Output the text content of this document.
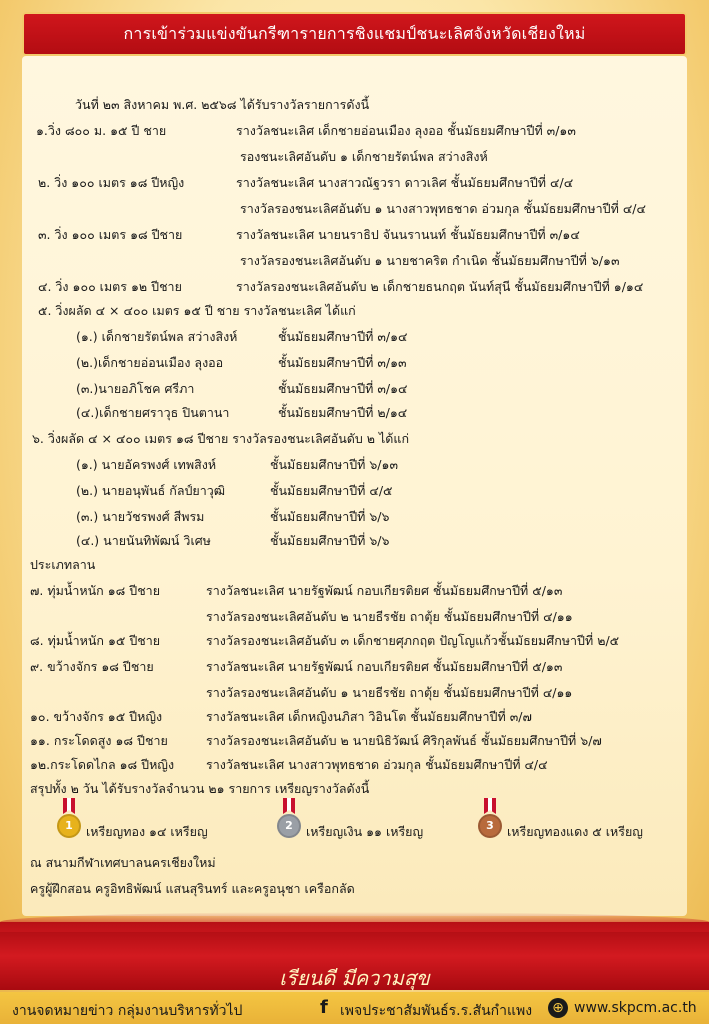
การเข้าร่วมแข่งขันกรีฑารายการชิงแชมป์ชนะเลิศจังหวัดเชียงใหม่
วันที่ ๒๓ สิงหาคม พ.ศ. ๒๕๖๘ ได้รับรางวัลรายการดังนี้
๑.วิ่ง ๘๐๐ ม. ๑๕ ปี ชาย	รางวัลชนะเลิศ เด็กชายอ่อนเมือง ลุงออ ชั้นมัธยมศึกษาปีที่ ๓/๑๓
รองชนะเลิศอันดับ ๑ เด็กชายรัตน์พล สว่างสิงห์
๒. วิ่ง ๑๐๐ เมตร ๑๘ ปีหญิง	รางวัลชนะเลิศ นางสาวณัฐวรา ดาวเลิศ ชั้นมัธยมศึกษาปีที่ ๔/๔
รางวัลรองชนะเลิศอันดับ ๑ นางสาวพุทธชาด อ่วมกุล ชั้นมัธยมศึกษาปีที่ ๔/๔
๓. วิ่ง ๑๐๐ เมตร ๑๘ ปีชาย	รางวัลชนะเลิศ นายนราธิป จันนรานนท์ ชั้นมัธยมศึกษาปีที่ ๓/๑๔
รางวัลรองชนะเลิศอันดับ ๑ นายชาคริต กำเนิด ชั้นมัธยมศึกษาปีที่ ๖/๑๓
๔. วิ่ง ๑๐๐ เมตร ๑๒ ปีชาย	รางวัลรองชนะเลิศอันดับ ๒ เด็กชายธนกฤต นันท์สุนี ชั้นมัธยมศึกษาปีที่ ๑/๑๔
๕. วิ่งผลัด ๔ × ๔๐๐ เมตร ๑๕ ปี ชาย รางวัลชนะเลิศ ได้แก่
(๑.) เด็กชายรัตน์พล สว่างสิงห์	ชั้นมัธยมศึกษาปีที่ ๓/๑๔
(๒.)เด็กชายอ่อนเมือง ลุงออ	ชั้นมัธยมศึกษาปีที่ ๓/๑๓
(๓.)นายอภิโชค ศรีภา	ชั้นมัธยมศึกษาปีที่ ๓/๑๔
(๔.)เด็กชายศราวุธ ปินตานา	ชั้นมัธยมศึกษาปีที่ ๒/๑๔
๖. วิ่งผลัด ๔ × ๔๐๐ เมตร ๑๘ ปีชาย รางวัลรองชนะเลิศอันดับ ๒ ได้แก่
(๑.) นายอัครพงศ์ เทพสิงห์	ชั้นมัธยมศึกษาปีที่ ๖/๑๓
(๒.) นายอนุพันธ์ กัลป์ยาวุฒิ	ชั้นมัธยมศึกษาปีที่ ๔/๕
(๓.) นายวัชรพงศ์ สีพรม	ชั้นมัธยมศึกษาปีที่ ๖/๖
(๔.) นายนันทิพัฒน์ วิเศษ	ชั้นมัธยมศึกษาปีที่ ๖/๖
ประเภทลาน
๗. ทุ่มน้ำหนัก ๑๘ ปีชาย	รางวัลชนะเลิศ นายรัฐพัฒน์ กอบเกียรติยศ ชั้นมัธยมศึกษาปีที่ ๕/๑๓
รางวัลรองชนะเลิศอันดับ ๒ นายธีรชัย ถาตุ้ย ชั้นมัธยมศึกษาปีที่ ๔/๑๑
๘. ทุ่มน้ำหนัก ๑๕ ปีชาย	รางวัลรองชนะเลิศอันดับ ๓ เด็กชายศุภกฤต ปัญโญแก้วชั้นมัธยมศึกษาปีที่ ๒/๕
๙. ขว้างจักร ๑๘ ปีชาย	รางวัลชนะเลิศ นายรัฐพัฒน์ กอบเกียรติยศ ชั้นมัธยมศึกษาปีที่ ๕/๑๓
รางวัลรองชนะเลิศอันดับ ๑ นายธีรชัย ถาตุ้ย ชั้นมัธยมศึกษาปีที่ ๔/๑๑
๑๐. ขว้างจักร ๑๕ ปีหญิง	รางวัลชนะเลิศ เด็กหญิงนภิสา วิอินโต ชั้นมัธยมศึกษาปีที่ ๓/๗
๑๑. กระโดดสูง ๑๘ ปีชาย	รางวัลรองชนะเลิศอันดับ ๒ นายนิธิวัฒน์ ศิริกุลพันธ์ ชั้นมัธยมศึกษาปีที่ ๖/๗
๑๒.กระโดดไกล ๑๘ ปีหญิง	รางวัลชนะเลิศ นางสาวพุทธชาด อ่วมกุล ชั้นมัธยมศึกษาปีที่ ๔/๔
สรุปทั้ง ๒ วัน ได้รับรางวัลจำนวน ๒๑ รายการ เหรียญรางวัลดังนี้
ณ สนามกีฬาเทศบาลนครเชียงใหม่
ครูผู้ฝึกสอน ครูอิทธิพัฒน์ แสนสุรินทร์ และครูอนุชา เครือกลัด
1	เหรียญทอง ๑๔ เหรียญ	2	เหรียญเงิน ๑๑ เหรียญ	3	เหรียญทองแดง ๕ เหรียญ
เรียนดี มีความสุข
งานจดหมายข่าว กลุ่มงานบริหารทั่วไป	f เพจประชาสัมพันธ์ร.ร.สันกำแพง ⊕ www.skpcm.ac.th
